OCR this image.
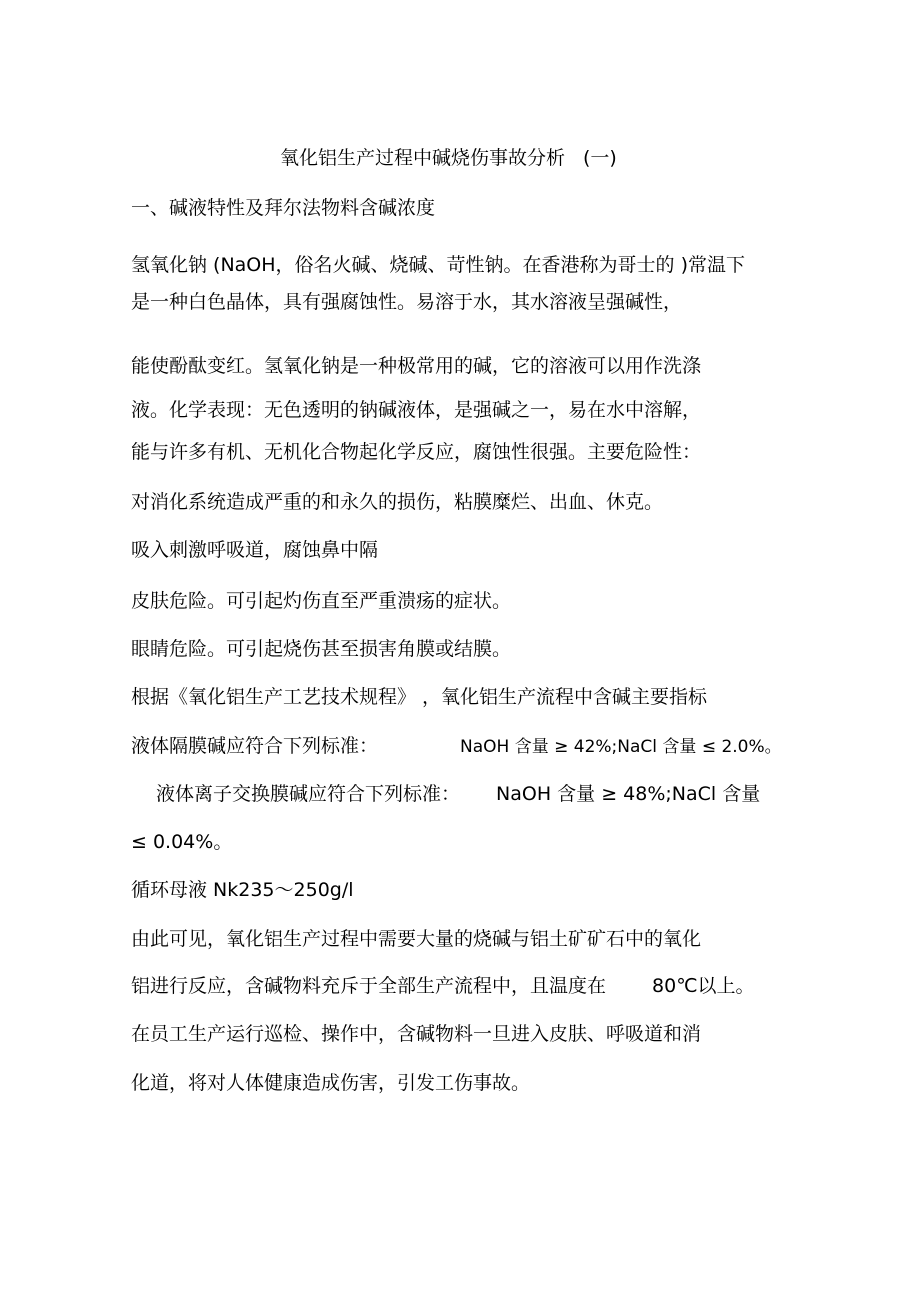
氧化铝生产过程中碱烧伤事故分析 (一)
一、碱液特性及拜尔法物料含碱浓度
氢氧化钠 (NaOH，俗名火碱、烧碱、苛性钠。在香港称为哥士的 )常温下
是一种白色晶体，具有强腐蚀性。易溶于水，其水溶液呈强碱性，
能使酚酞变红。氢氧化钠是一种极常用的碱，它的溶液可以用作洗涤
液。化学表现：无色透明的钠碱液体，是强碱之一，易在水中溶解，
能与许多有机、无机化合物起化学反应，腐蚀性很强。主要危险性：
对消化系统造成严重的和永久的损伤，粘膜糜烂、出血、休克。
吸入刺激呼吸道，腐蚀鼻中隔
皮肤危险。可引起灼伤直至严重溃疡的症状。
眼睛危险。可引起烧伤甚至损害角膜或结膜。
根据《氧化铝生产工艺技术规程》 ，氧化铝生产流程中含碱主要指标
液体隔膜碱应符合下列标准：	NaOH 含量 ≥ 42%;NaCl 含量 ≤ 2.0%。
液体离子交换膜碱应符合下列标准： NaOH 含量 ≥ 48%;NaCl 含量
≤ 0.04%。
循环母液 Nk235～250g/l
由此可见，氧化铝生产过程中需要大量的烧碱与铝土矿矿石中的氧化
铝进行反应，含碱物料充斥于全部生产流程中，且温度在 80℃以上。
在员工生产运行巡检、操作中，含碱物料一旦进入皮肤、呼吸道和消
化道，将对人体健康造成伤害，引发工伤事故。
